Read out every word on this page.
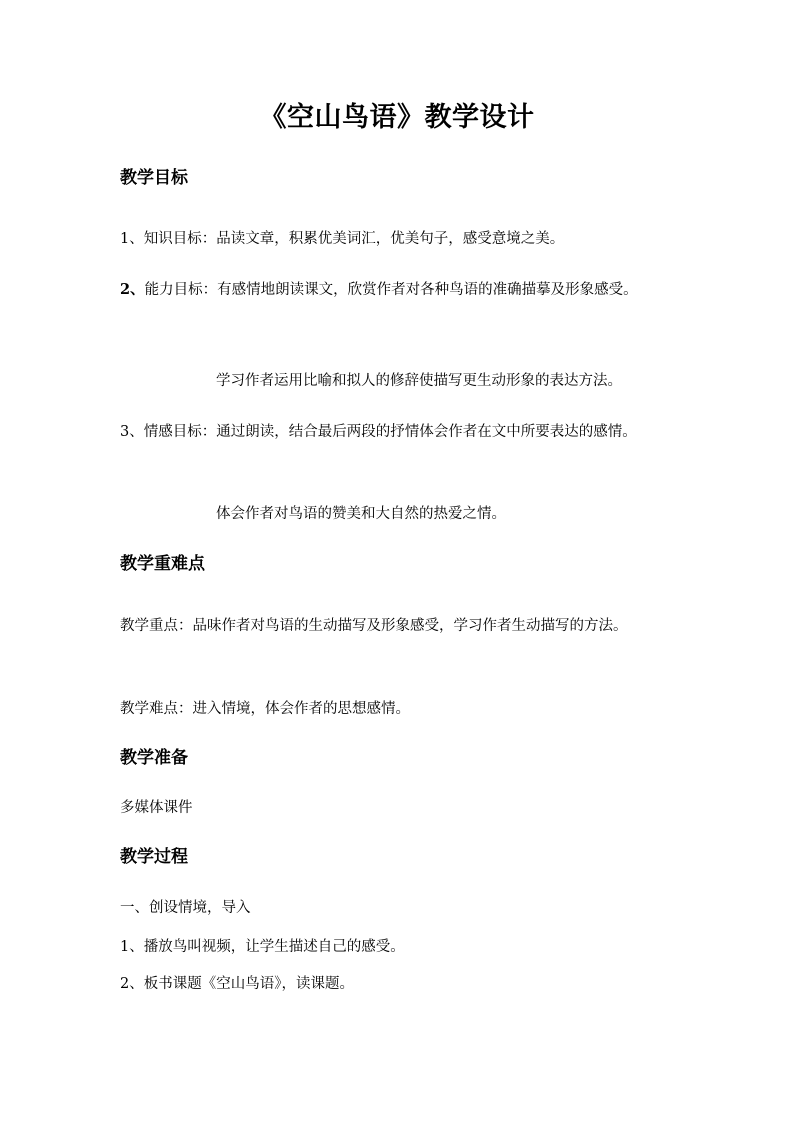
《空山鸟语》教学设计
教学目标

1、知识目标：品读文章，积累优美词汇，优美句子，感受意境之美。

2、能力目标：有感情地朗读课文，欣赏作者对各种鸟语的准确描摹及形象感受。

学习作者运用比喻和拟人的修辞使描写更生动形象的表达方法。

3、情感目标：通过朗读，结合最后两段的抒情体会作者在文中所要表达的感情。

体会作者对鸟语的赞美和大自然的热爱之情。

教学重难点

教学重点：品味作者对鸟语的生动描写及形象感受，学习作者生动描写的方法。

教学难点：进入情境，体会作者的思想感情。

教学准备

多媒体课件

教学过程

一、创设情境，导入

1、播放鸟叫视频，让学生描述自己的感受。

2、板书课题《空山鸟语》，读课题。
